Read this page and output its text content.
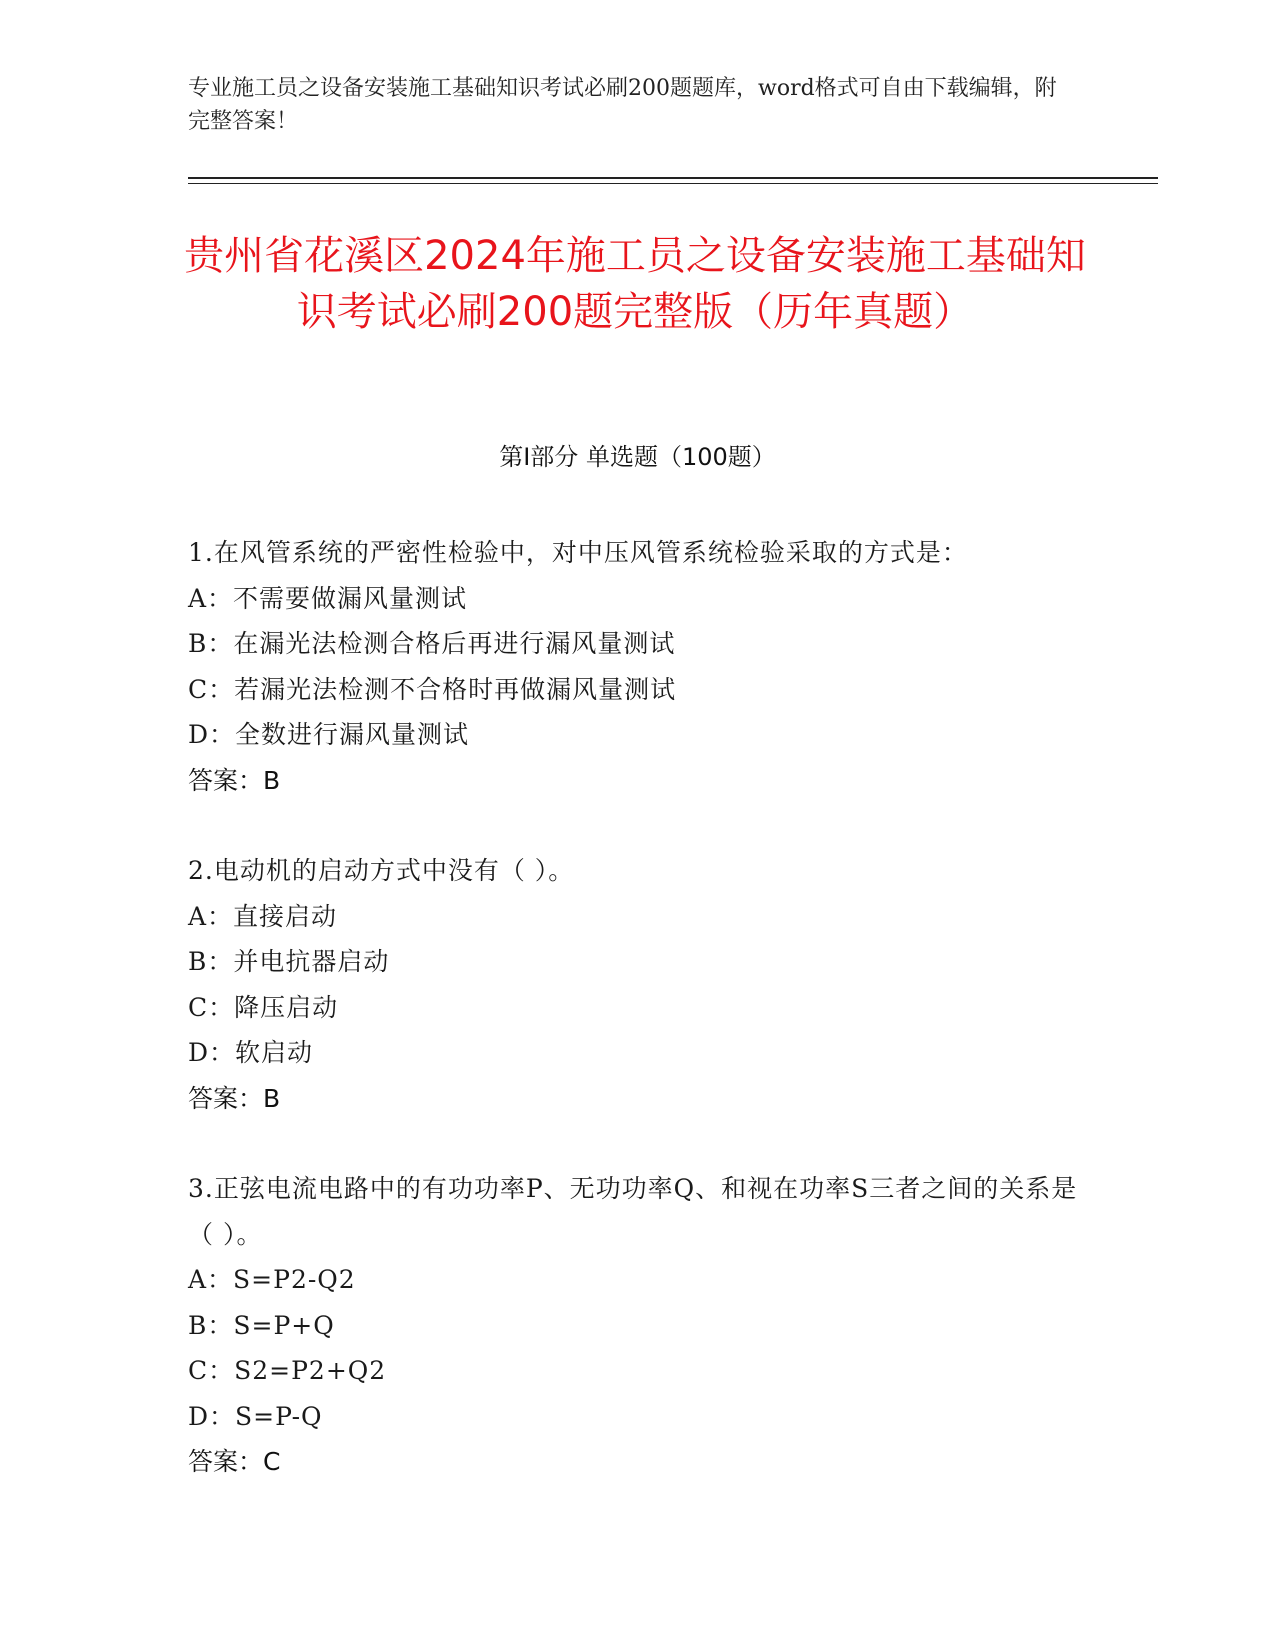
专业施工员之设备安装施工基础知识考试必刷200题题库，word格式可自由下载编辑，附完整答案！
贵州省花溪区2024年施工员之设备安装施工基础知识考试必刷200题完整版（历年真题）
第I部分 单选题（100题）
1.在风管系统的严密性检验中，对中压风管系统检验采取的方式是：
A：不需要做漏风量测试
B：在漏光法检测合格后再进行漏风量测试
C：若漏光法检测不合格时再做漏风量测试
D：全数进行漏风量测试
答案：B
2.电动机的启动方式中没有（ ）。
A：直接启动
B：并电抗器启动
C：降压启动
D：软启动
答案：B
3.正弦电流电路中的有功功率P、无功功率Q、和视在功率S三者之间的关系是（ ）。
A：S=P2-Q2
B：S=P+Q
C：S2=P2+Q2
D：S=P-Q
答案：C
